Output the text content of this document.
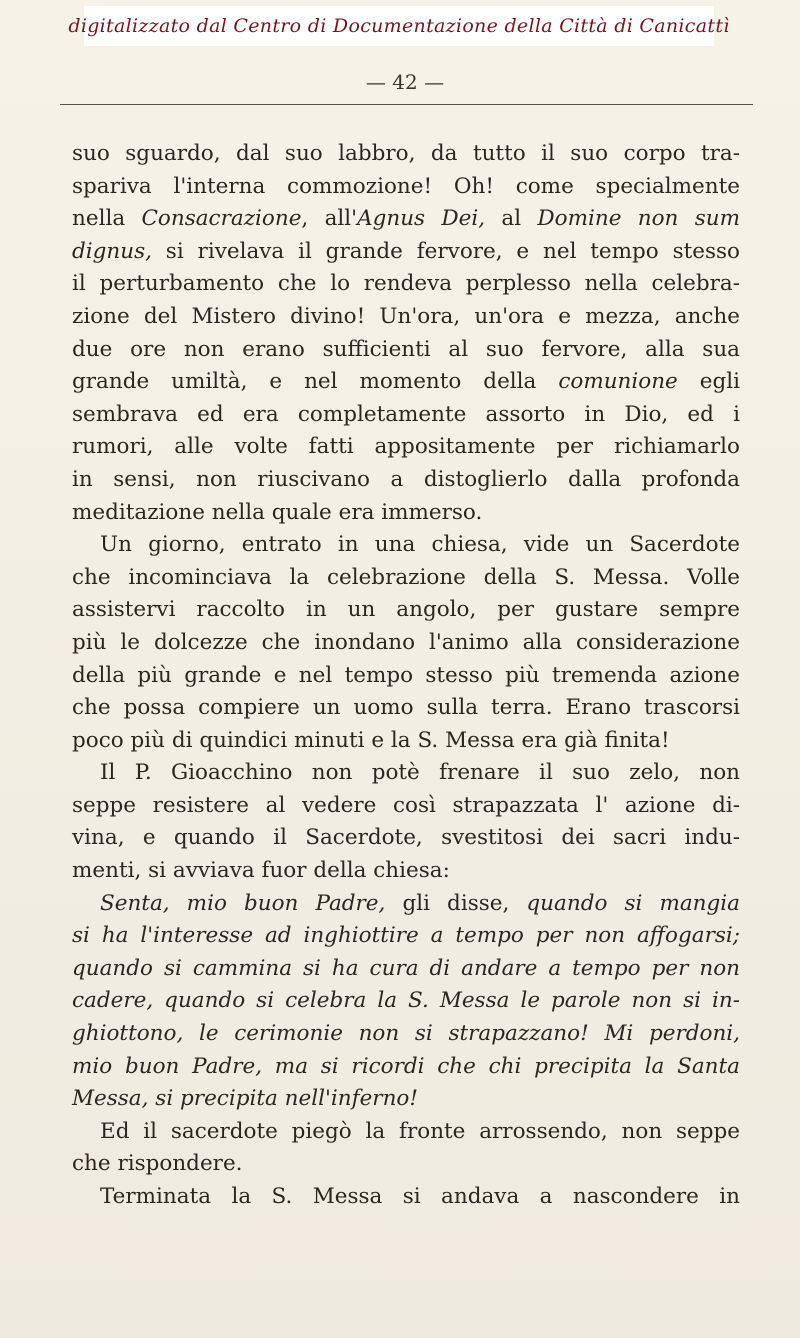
digitalizzato dal Centro di Documentazione della Città di Canicattì
— 42 —
suo sguardo, dal suo labbro, da tutto il suo corpo tra-
spariva l'interna commozione! Oh! come specialmente
nella Consacrazione, all'Agnus Dei, al Domine non sum
dignus, si rivelava il grande fervore, e nel tempo stesso
il perturbamento che lo rendeva perplesso nella celebra-
zione del Mistero divino! Un'ora, un'ora e mezza, anche
due ore non erano sufficienti al suo fervore, alla sua
grande umiltà, e nel momento della comunione egli
sembrava ed era completamente assorto in Dio, ed i
rumori, alle volte fatti appositamente per richiamarlo
in sensi, non riuscivano a distoglierlo dalla profonda
meditazione nella quale era immerso.
Un giorno, entrato in una chiesa, vide un Sacerdote
che incominciava la celebrazione della S. Messa. Volle
assistervi raccolto in un angolo, per gustare sempre
più le dolcezze che inondano l'animo alla considerazione
della più grande e nel tempo stesso più tremenda azione
che possa compiere un uomo sulla terra. Erano trascorsi
poco più di quindici minuti e la S. Messa era già finita!
Il P. Gioacchino non potè frenare il suo zelo, non
seppe resistere al vedere così strapazzata l' azione di-
vina, e quando il Sacerdote, svestitosi dei sacri indu-
menti, si avviava fuor della chiesa:
Senta, mio buon Padre, gli disse, quando si mangia
si ha l'interesse ad inghiottire a tempo per non affogarsi;
quando si cammina si ha cura di andare a tempo per non
cadere, quando si celebra la S. Messa le parole non si in-
ghiottono, le cerimonie non si strapazzano! Mi perdoni,
mio buon Padre, ma si ricordi che chi precipita la Santa
Messa, si precipita nell'inferno!
Ed il sacerdote piegò la fronte arrossendo, non seppe
che rispondere.
Terminata la S. Messa si andava a nascondere in
